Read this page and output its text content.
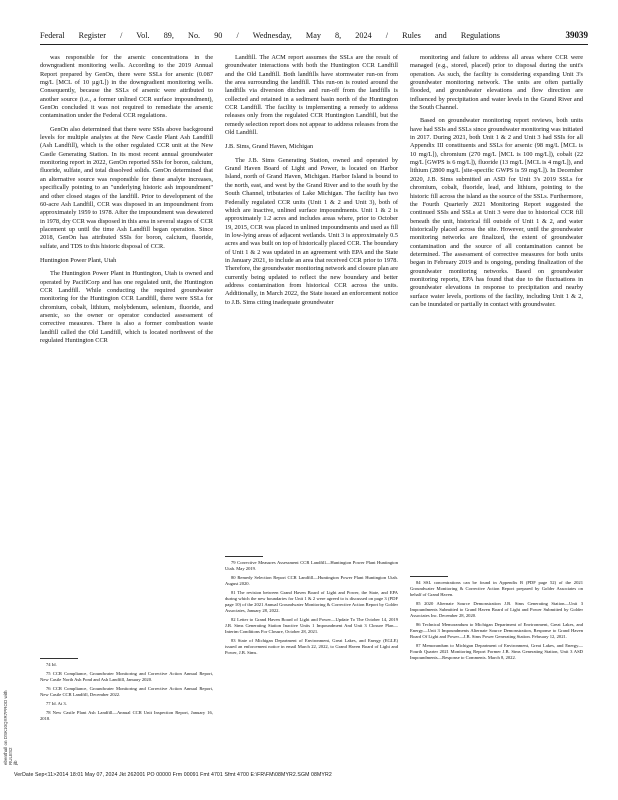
Federal Register / Vol. 89, No. 90 / Wednesday, May 8, 2024 / Rules and Regulations	39039

was responsible for the arsenic concentrations in the downgradient monitoring wells. According to the 2019 Annual Report prepared by GenOn, there were SSLs for arsenic (0.087 mg/L [MCL of 10 µg/L]) in the downgradient monitoring wells. Consequently, because the SSLs of arsenic were attributed to another source (i.e., a former unlined CCR surface impoundment), GenOn concluded it was not required to remediate the arsenic contamination under the Federal CCR regulations.

GenOn also determined that there were SSIs above background levels for multiple analytes at the New Castle Plant Ash Landfill (Ash Landfill), which is the other regulated CCR unit at the New Castle Generating Station. In its most recent annual groundwater monitoring report in 2022, GenOn reported SSIs for boron, calcium, fluoride, sulfate, and total dissolved solids. GenOn determined that an alternative source was responsible for these analyte increases, specifically pointing to an "underlying historic ash impoundment" and other closed stages of the landfill. Prior to development of the 60-acre Ash Landfill, CCR was disposed in an impoundment from approximately 1959 to 1978. After the impoundment was dewatered in 1978, dry CCR was disposed in this area in several stages of CCR placement up until the time Ash Landfill began operation. Since 2018, GenOn has attributed SSIs for boron, calcium, fluoride, sulfate, and TDS to this historic disposal of CCR.

Huntington Power Plant, Utah

The Huntington Power Plant in Huntington, Utah is owned and operated by PacifiCorp and has one regulated unit, the Huntington CCR Landfill. While conducting the required groundwater monitoring for the Huntington CCR Landfill, there were SSLs for chromium, cobalt, lithium, molybdenum, selenium, fluoride, and arsenic, so the owner or operator conducted assessment of corrective measures. There is also a former combustion waste landfill called the Old Landfill, which is located northwest of the regulated Huntington CCR

74 Id.

75 CCR Compliance, Groundwater Monitoring and Corrective Action Annual Report, New Castle North Ash Pond and Ash Landfill, January 2020.

76 CCR Compliance, Groundwater Monitoring and Corrective Action Annual Report, New Castle CCR Landfill, December 2022.

77 Id. At 3.

78 New Castle Plant Ash Landfill—Annual CCR Unit Inspection Report, January 16, 2018.

Landfill. The ACM report assumes the SSLs are the result of groundwater interactions with both the Huntington CCR Landfill and the Old Landfill. Both landfills have stormwater run-on from the area surrounding the landfill. This run-on is routed around the landfills via diversion ditches and run-off from the landfills is collected and retained in a sediment basin north of the Huntington CCR Landfill. The facility is implementing a remedy to address releases only from the regulated CCR Huntington Landfill, but the remedy selection report does not appear to address releases from the Old Landfill.

J.B. Sims, Grand Haven, Michigan

The J.B. Sims Generating Station, owned and operated by Grand Haven Board of Light and Power, is located on Harbor Island, north of Grand Haven, Michigan. Harbor Island is bound to the north, east, and west by the Grand River and to the south by the South Channel, tributaries of Lake Michigan. The facility has two Federally regulated CCR units (Unit 1 & 2 and Unit 3), both of which are inactive, unlined surface impoundments. Unit 1 & 2 is approximately 1.2 acres and includes areas where, prior to October 19, 2015, CCR was placed in unlined impoundments and used as fill in low-lying areas of adjacent wetlands. Unit 3 is approximately 0.5 acres and was built on top of historically placed CCR. The boundary of Unit 1 & 2 was updated in an agreement with EPA and the State in January 2021, to include an area that received CCR prior to 1978. Therefore, the groundwater monitoring network and closure plan are currently being updated to reflect the new boundary and better address contamination from historical CCR across the units. Additionally, in March 2022, the State issued an enforcement notice to J.B. Sims citing inadequate groundwater

79 Corrective Measures Assessment CCR Landfill—Huntington Power Plant Huntington Utah. May 2019.

80 Remedy Selection Report CCR Landfill—Huntington Power Plant Huntington Utah. August 2020.

81 The revision between Grand Haven Board of Light and Power, the State, and EPA during which the new boundaries for Unit 1 & 2 were agreed to is discussed on page 3 (PDF page 10) of the 2021 Annual Groundwater Monitoring & Corrective Action Report by Golder Associates, January 28, 2022.

82 Letter to Grand Haven Board of Light and Power—Update To The October 14, 2019 J.B. Sims Generating Station Inactive Units 1 Impoundment And Unit 3 Closure Plan—Interim Conditions For Closure, October 28, 2021.

83 State of Michigan Department of Environment, Great Lakes, and Energy (EGLE) issued an enforcement notice in email March 22, 2022, to Grand Haven Board of Light and Power, J.B. Sims.

monitoring and failure to address all areas where CCR were managed (e.g., stored, placed) prior to disposal during the unit's operation. As such, the facility is considering expanding Unit 3's groundwater monitoring network. The units are often partially flooded, and groundwater elevations and flow direction are influenced by precipitation and water levels in the Grand River and the South Channel.

Based on groundwater monitoring report reviews, both units have had SSIs and SSLs since groundwater monitoring was initiated in 2017. During 2021, both Unit 1 & 2 and Unit 3 had SSIs for all Appendix III constituents and SSLs for arsenic (98 mg/L [MCL is 10 mg/L]), chromium (270 mg/L [MCL is 100 mg/L]), cobalt (22 mg/L [GWPS is 6 mg/L]), fluoride (13 mg/L [MCL is 4 mg/L]), and lithium (2800 mg/L [site-specific GWPS is 59 mg/L]). In December 2020, J.B. Sims submitted an ASD for Unit 3's 2019 SSLs for chromium, cobalt, fluoride, lead, and lithium, pointing to the historic fill across the island as the source of the SSLs. Furthermore, the Fourth Quarterly 2021 Monitoring Report suggested the continued SSIs and SSLs at Unit 3 were due to historical CCR fill beneath the unit, historical fill outside of Unit 1 & 2, and water historically placed across the site. However, until the groundwater monitoring networks are finalized, the extent of groundwater contamination and the source of all contamination cannot be determined. The assessment of corrective measures for both units began in February 2019 and is ongoing, pending finalization of the groundwater monitoring networks. Based on groundwater monitoring reports, EPA has found that due to the fluctuations in groundwater elevations in response to precipitation and nearby surface water levels, portions of the facility, including Unit 1 & 2, can be inundated or partially in contact with groundwater.

84 SSL concentrations can be found in Appendix B (PDF page 52) of the 2021 Groundwater Monitoring & Corrective Action Report prepared by Golder Associates on behalf of Grand Haven.

85 2020 Alternate Source Demonstration J.B. Sims Generating Station—Unit 3 Impoundments Submitted to Grand Haven Board of Light and Power Submitted by Golder Associates Inc. December 28, 2020.

86 Technical Memorandum to Michigan Department of Environment, Great Lakes, and Energy—Unit 3 Impoundments Alternate Source Demonstration, Response to Grand Haven Board Of Light and Power—J.B. Sims Power Generating Station. February 12, 2021.

87 Memorandum to Michigan Department of Environment, Great Lakes, and Energy—Fourth Quarter 2021 Monitoring Report Former J.B. Sims Generating Station, Unit 3 ASD Impoundments—Response to Comments. March 8, 2022.

ebenthall on DSK10QXR7PROD with RULES2 jlb
VerDate Sep<11>2014 18:01 May 07, 2024 Jkt 262001 PO 00000 Frm 00091 Fmt 4701 Sfmt 4700 E:\FR\FM\08MYR2.SGM 08MYR2
